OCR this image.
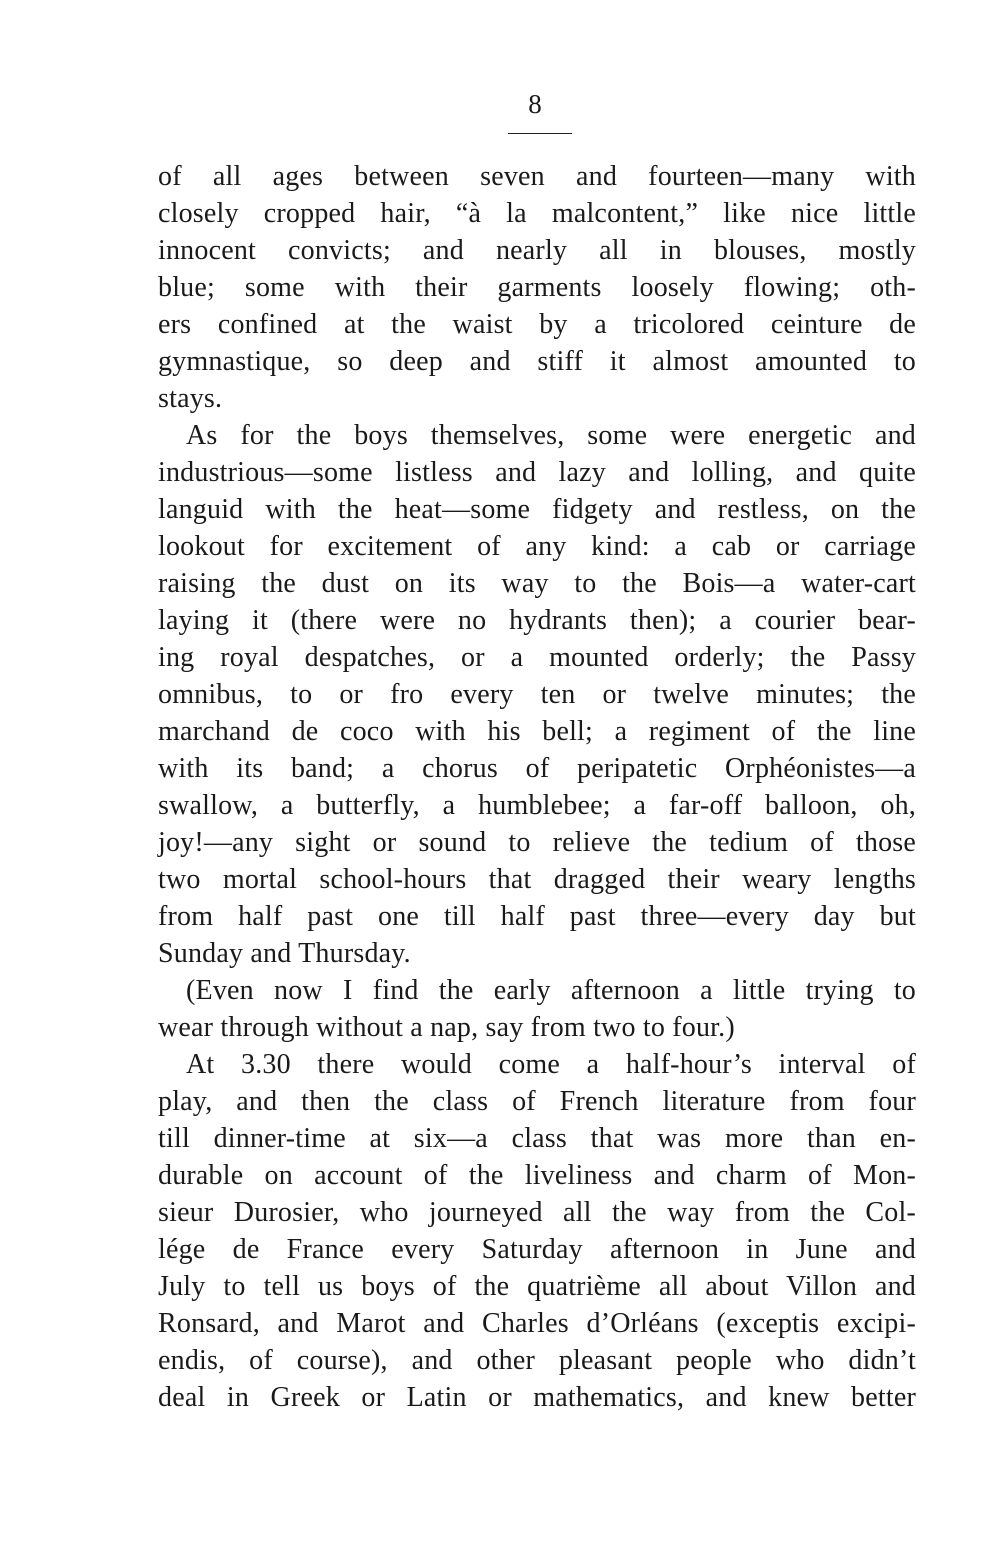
8
of all ages between seven and fourteen—many with
closely cropped hair, “à la malcontent,” like nice little
innocent convicts; and nearly all in blouses, mostly
blue; some with their garments loosely flowing; oth-
ers confined at the waist by a tricolored ceinture de
gymnastique, so deep and stiff it almost amounted to
stays.
As for the boys themselves, some were energetic and
industrious—some listless and lazy and lolling, and quite
languid with the heat—some fidgety and restless, on the
lookout for excitement of any kind: a cab or carriage
raising the dust on its way to the Bois—a water-cart
laying it (there were no hydrants then); a courier bear-
ing royal despatches, or a mounted orderly; the Passy
omnibus, to or fro every ten or twelve minutes; the
marchand de coco with his bell; a regiment of the line
with its band; a chorus of peripatetic Orphéonistes—a
swallow, a butterfly, a humblebee; a far-off balloon, oh,
joy!—any sight or sound to relieve the tedium of those
two mortal school-hours that dragged their weary lengths
from half past one till half past three—every day but
Sunday and Thursday.
(Even now I find the early afternoon a little trying to
wear through without a nap, say from two to four.)
At 3.30 there would come a half-hour’s interval of
play, and then the class of French literature from four
till dinner-time at six—a class that was more than en-
durable on account of the liveliness and charm of Mon-
sieur Durosier, who journeyed all the way from the Col-
lége de France every Saturday afternoon in June and
July to tell us boys of the quatrième all about Villon and
Ronsard, and Marot and Charles d’Orléans (exceptis excipi-
endis, of course), and other pleasant people who didn’t
deal in Greek or Latin or mathematics, and knew better
